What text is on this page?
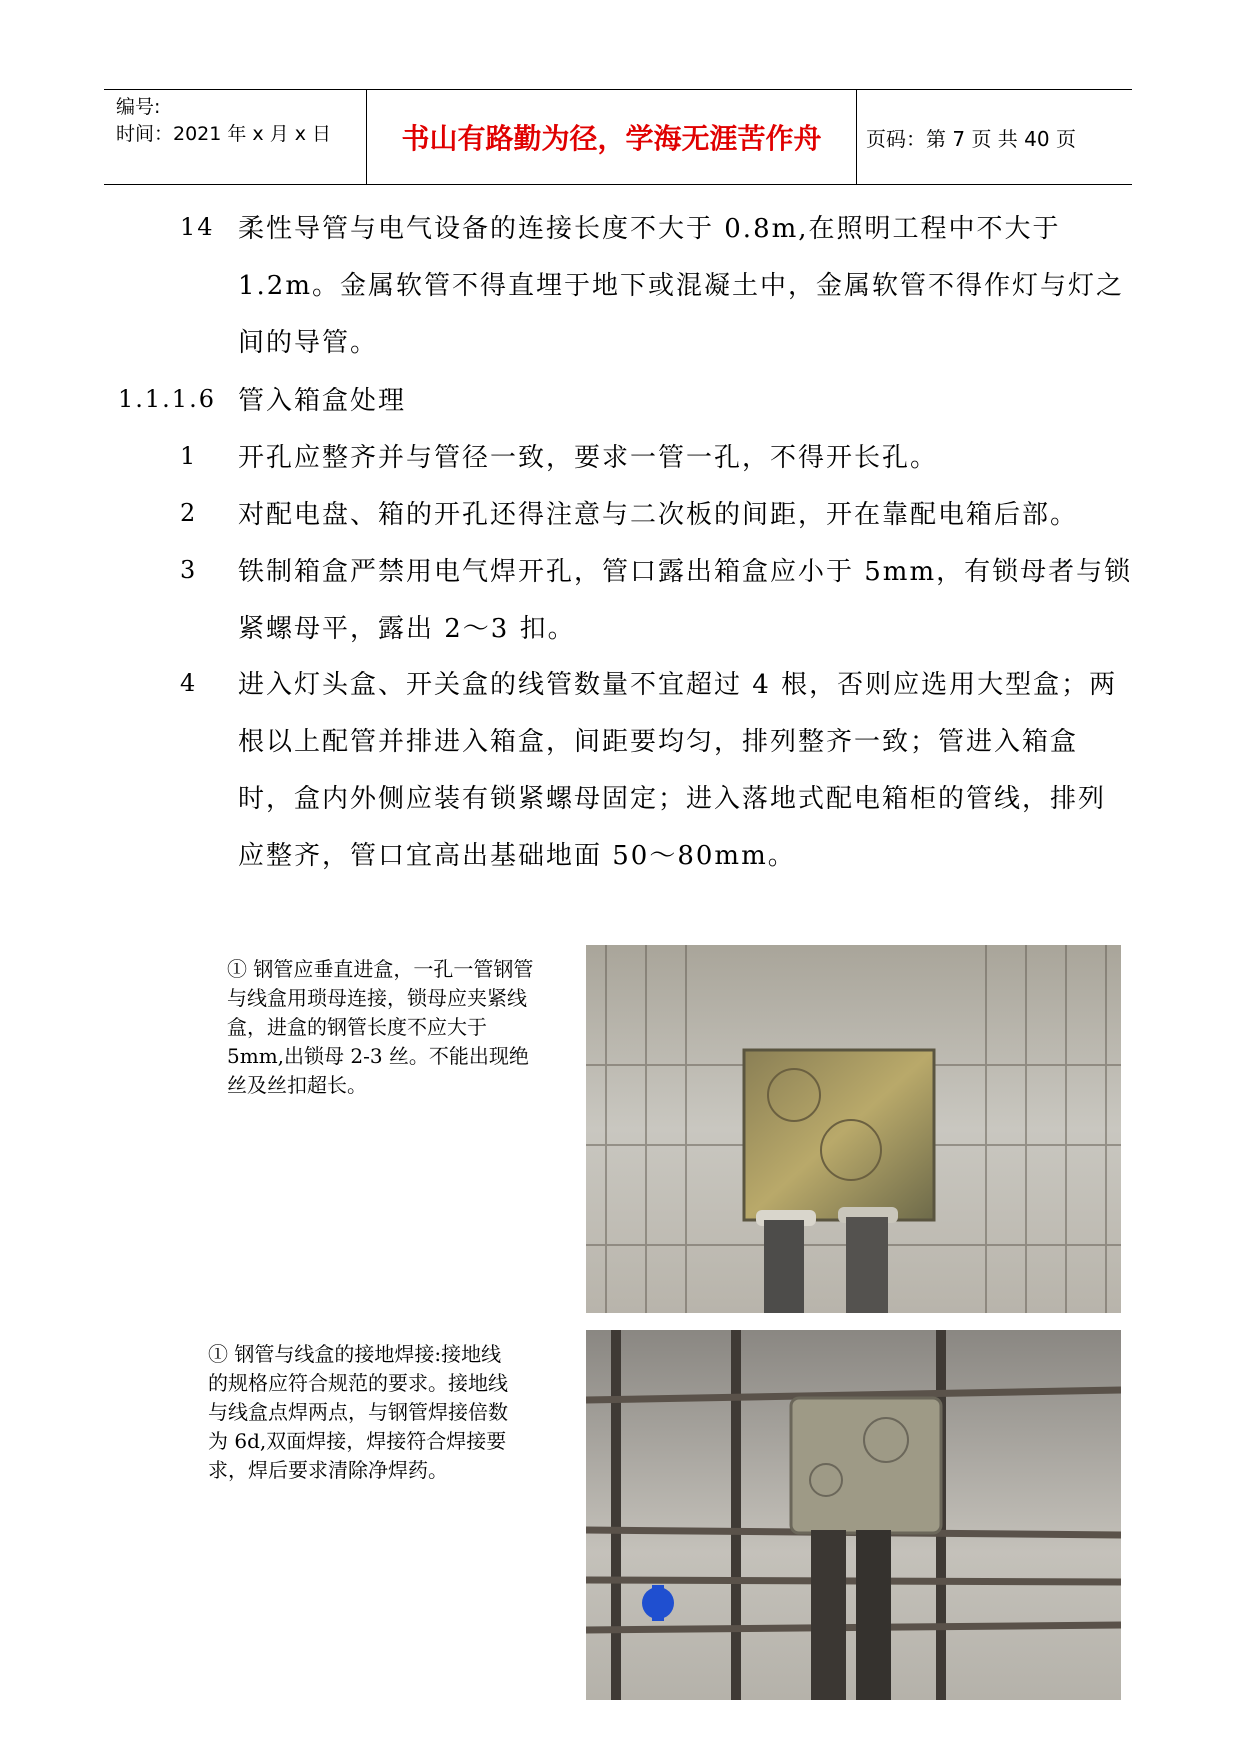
编号:
时间：2021 年 x 月 x 日	书山有路勤为径，学海无涯苦作舟	页码：第 7 页 共 40 页
14 柔性导管与电气设备的连接长度不大于 0.8m,在照明工程中不大于 1.2m。金属软管不得直埋于地下或混凝土中，金属软管不得作灯与灯之间的导管。
1.1.1.6 管入箱盒处理
1 开孔应整齐并与管径一致，要求一管一孔，不得开长孔。
2 对配电盘、箱的开孔还得注意与二次板的间距，开在靠配电箱后部。
3 铁制箱盒严禁用电气焊开孔，管口露出箱盒应小于 5mm，有锁母者与锁紧螺母平，露出 2～3 扣。
4 进入灯头盒、开关盒的线管数量不宜超过 4 根，否则应选用大型盒；两根以上配管并排进入箱盒，间距要均匀，排列整齐一致；管进入箱盒时，盒内外侧应装有锁紧螺母固定；进入落地式配电箱柜的管线，排列应整齐，管口宜高出基础地面 50～80mm。
① 钢管应垂直进盒，一孔一管钢管与线盒用琐母连接，锁母应夹紧线盒，进盒的钢管长度不应大于 5mm,出锁母 2-3 丝。不能出现绝丝及丝扣超长。
① 钢管与线盒的接地焊接:接地线的规格应符合规范的要求。接地线与线盒点焊两点，与钢管焊接倍数为 6d,双面焊接，焊接符合焊接要求，焊后要求清除净焊药。
